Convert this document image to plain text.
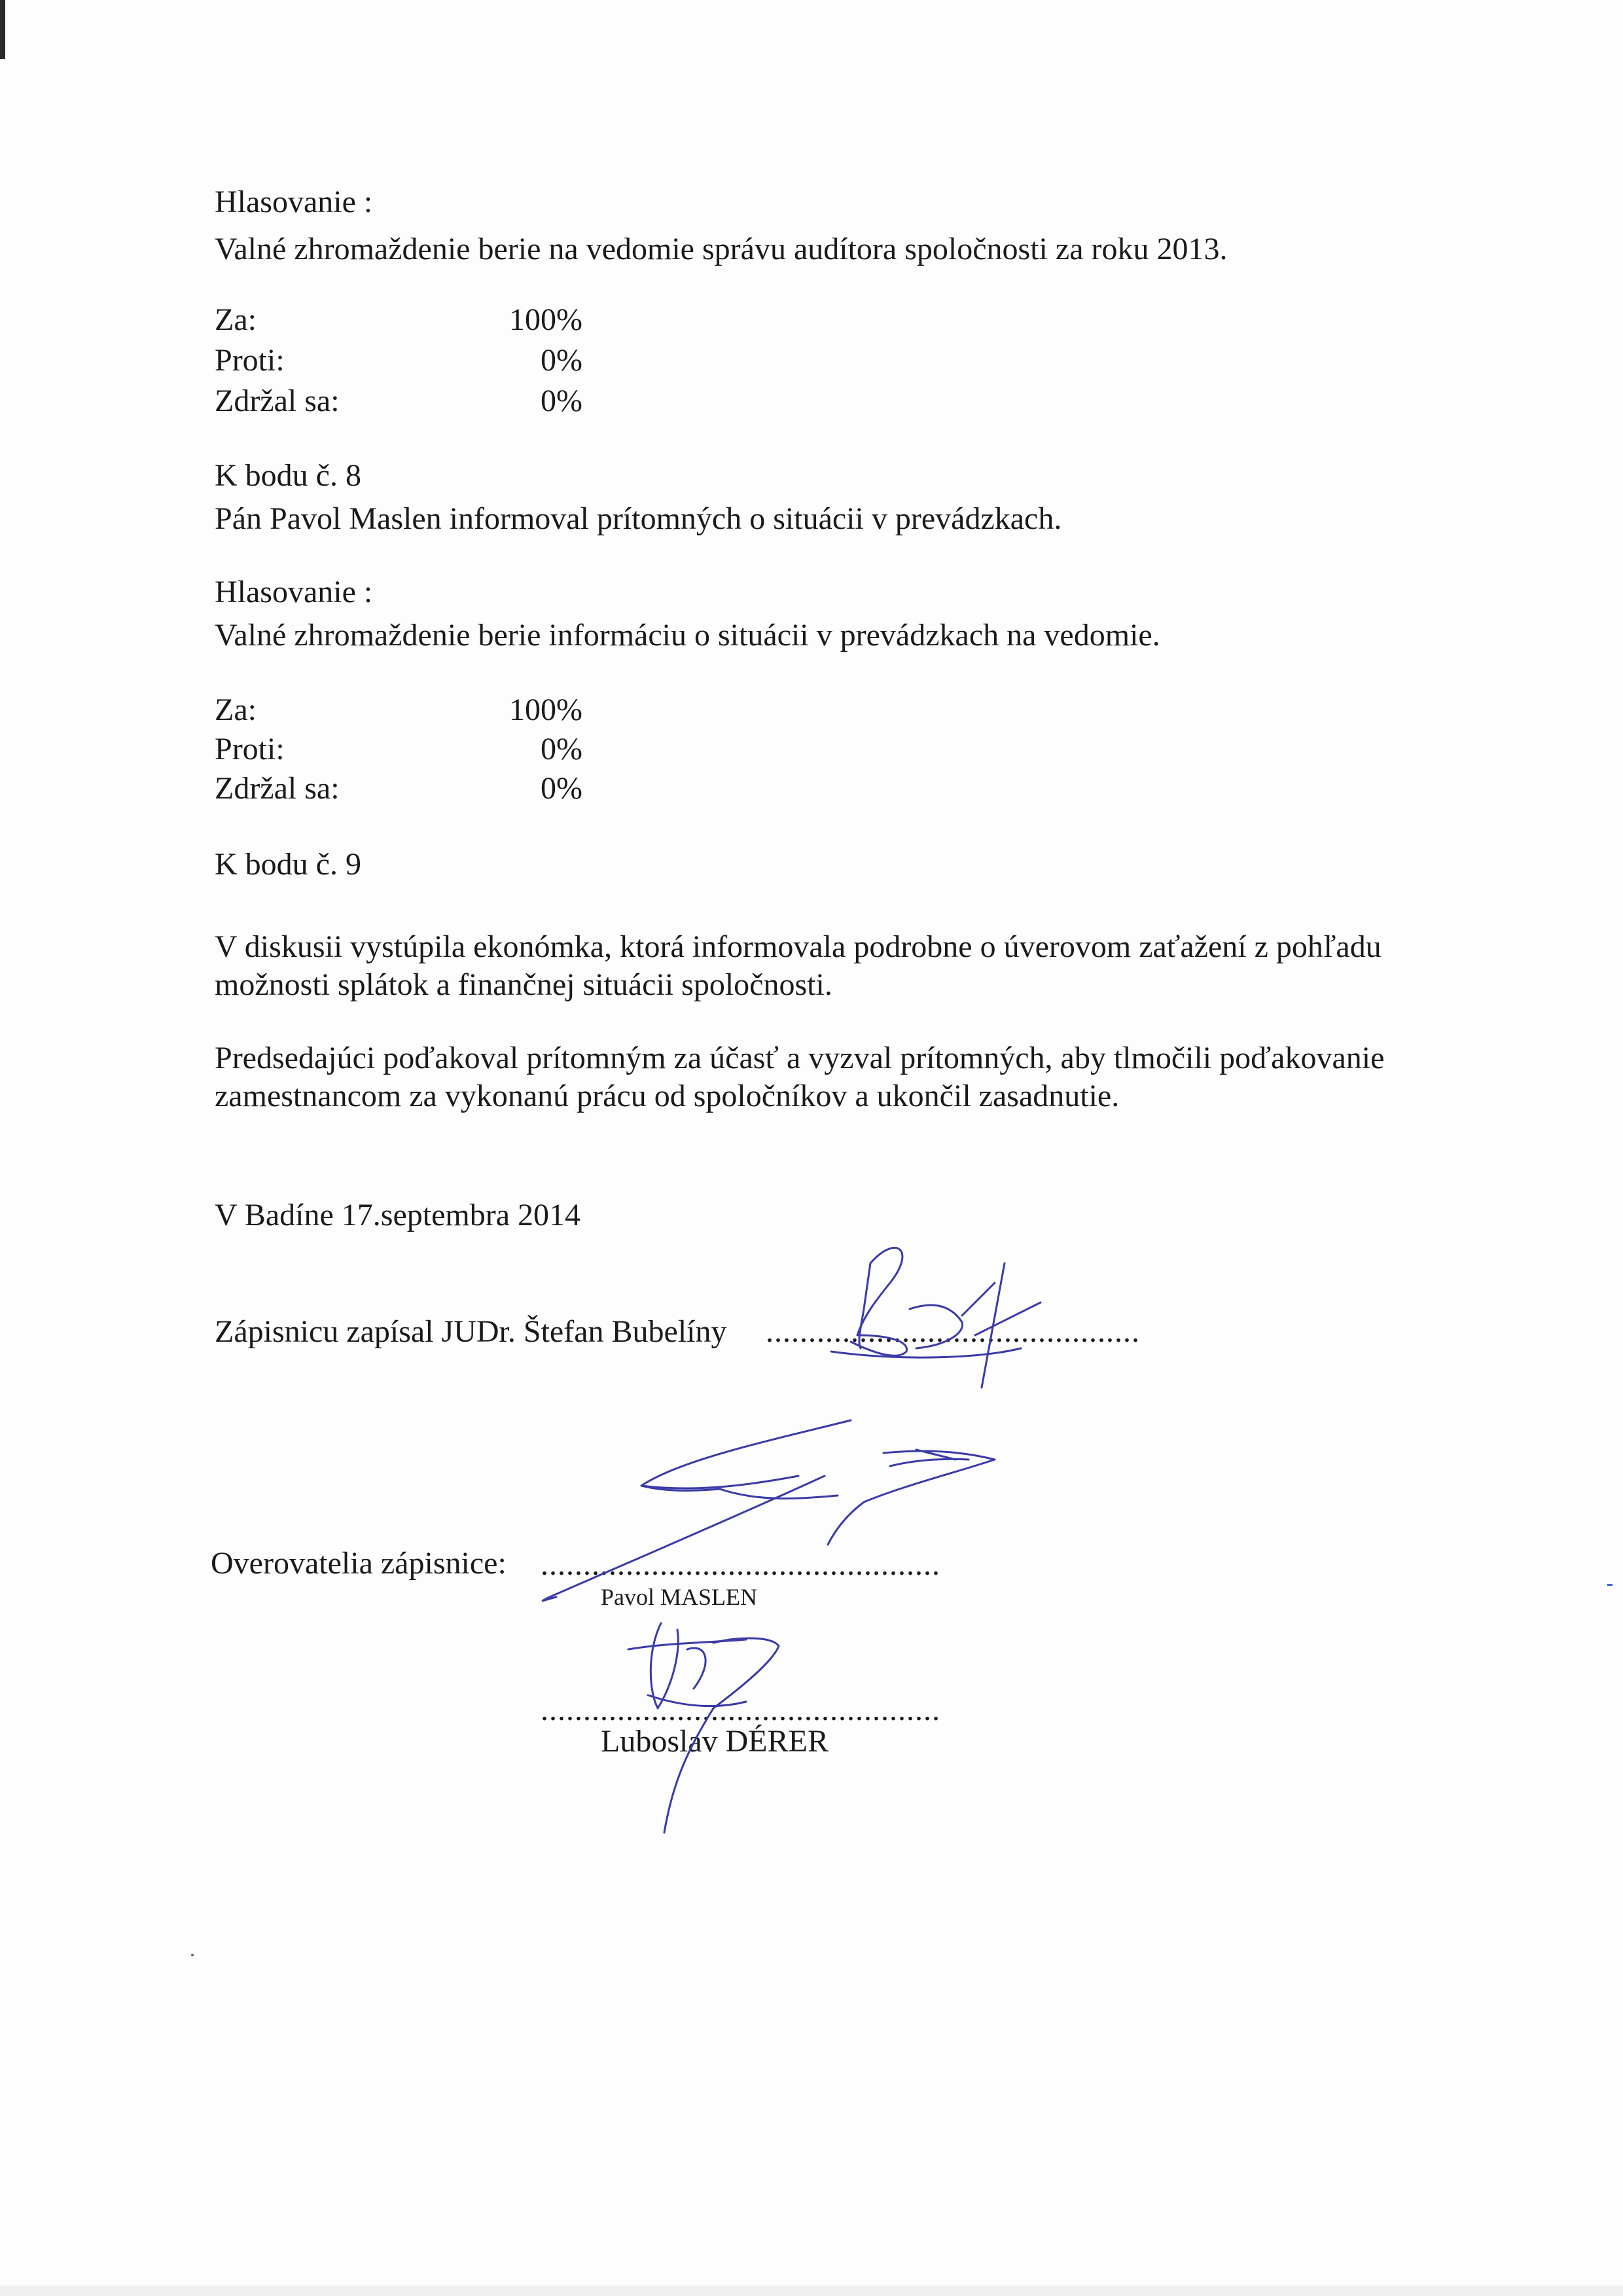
Hlasovanie :
Valné zhromaždenie berie na vedomie správu audítora spoločnosti za roku 2013.
Za:	100%
Proti:	0%
Zdržal sa:	0%
K bodu č. 8
Pán Pavol Maslen informoval prítomných o situácii v prevádzkach.
Hlasovanie :
Valné zhromaždenie berie informáciu o situácii v prevádzkach na vedomie.
Za:	100%
Proti:	0%
Zdržal sa:	0%
K bodu č. 9
V diskusii vystúpila ekonómka, ktorá informovala podrobne o úverovom zaťažení z pohľadu
možnosti splátok a finančnej situácii spoločnosti.
Predsedajúci poďakoval prítomným za účasť a vyzval prítomných, aby tlmočili poďakovanie
zamestnancom za vykonanú prácu od spoločníkov a ukončil zasadnutie.
V Badíne 17.septembra 2014
Zápisnicu zapísal JUDr. Štefan Bubelíny ............................................
Overovatelia zápisnice: ...............................................
Pavol MASLEN
...............................................
Luboslav DÉRER
